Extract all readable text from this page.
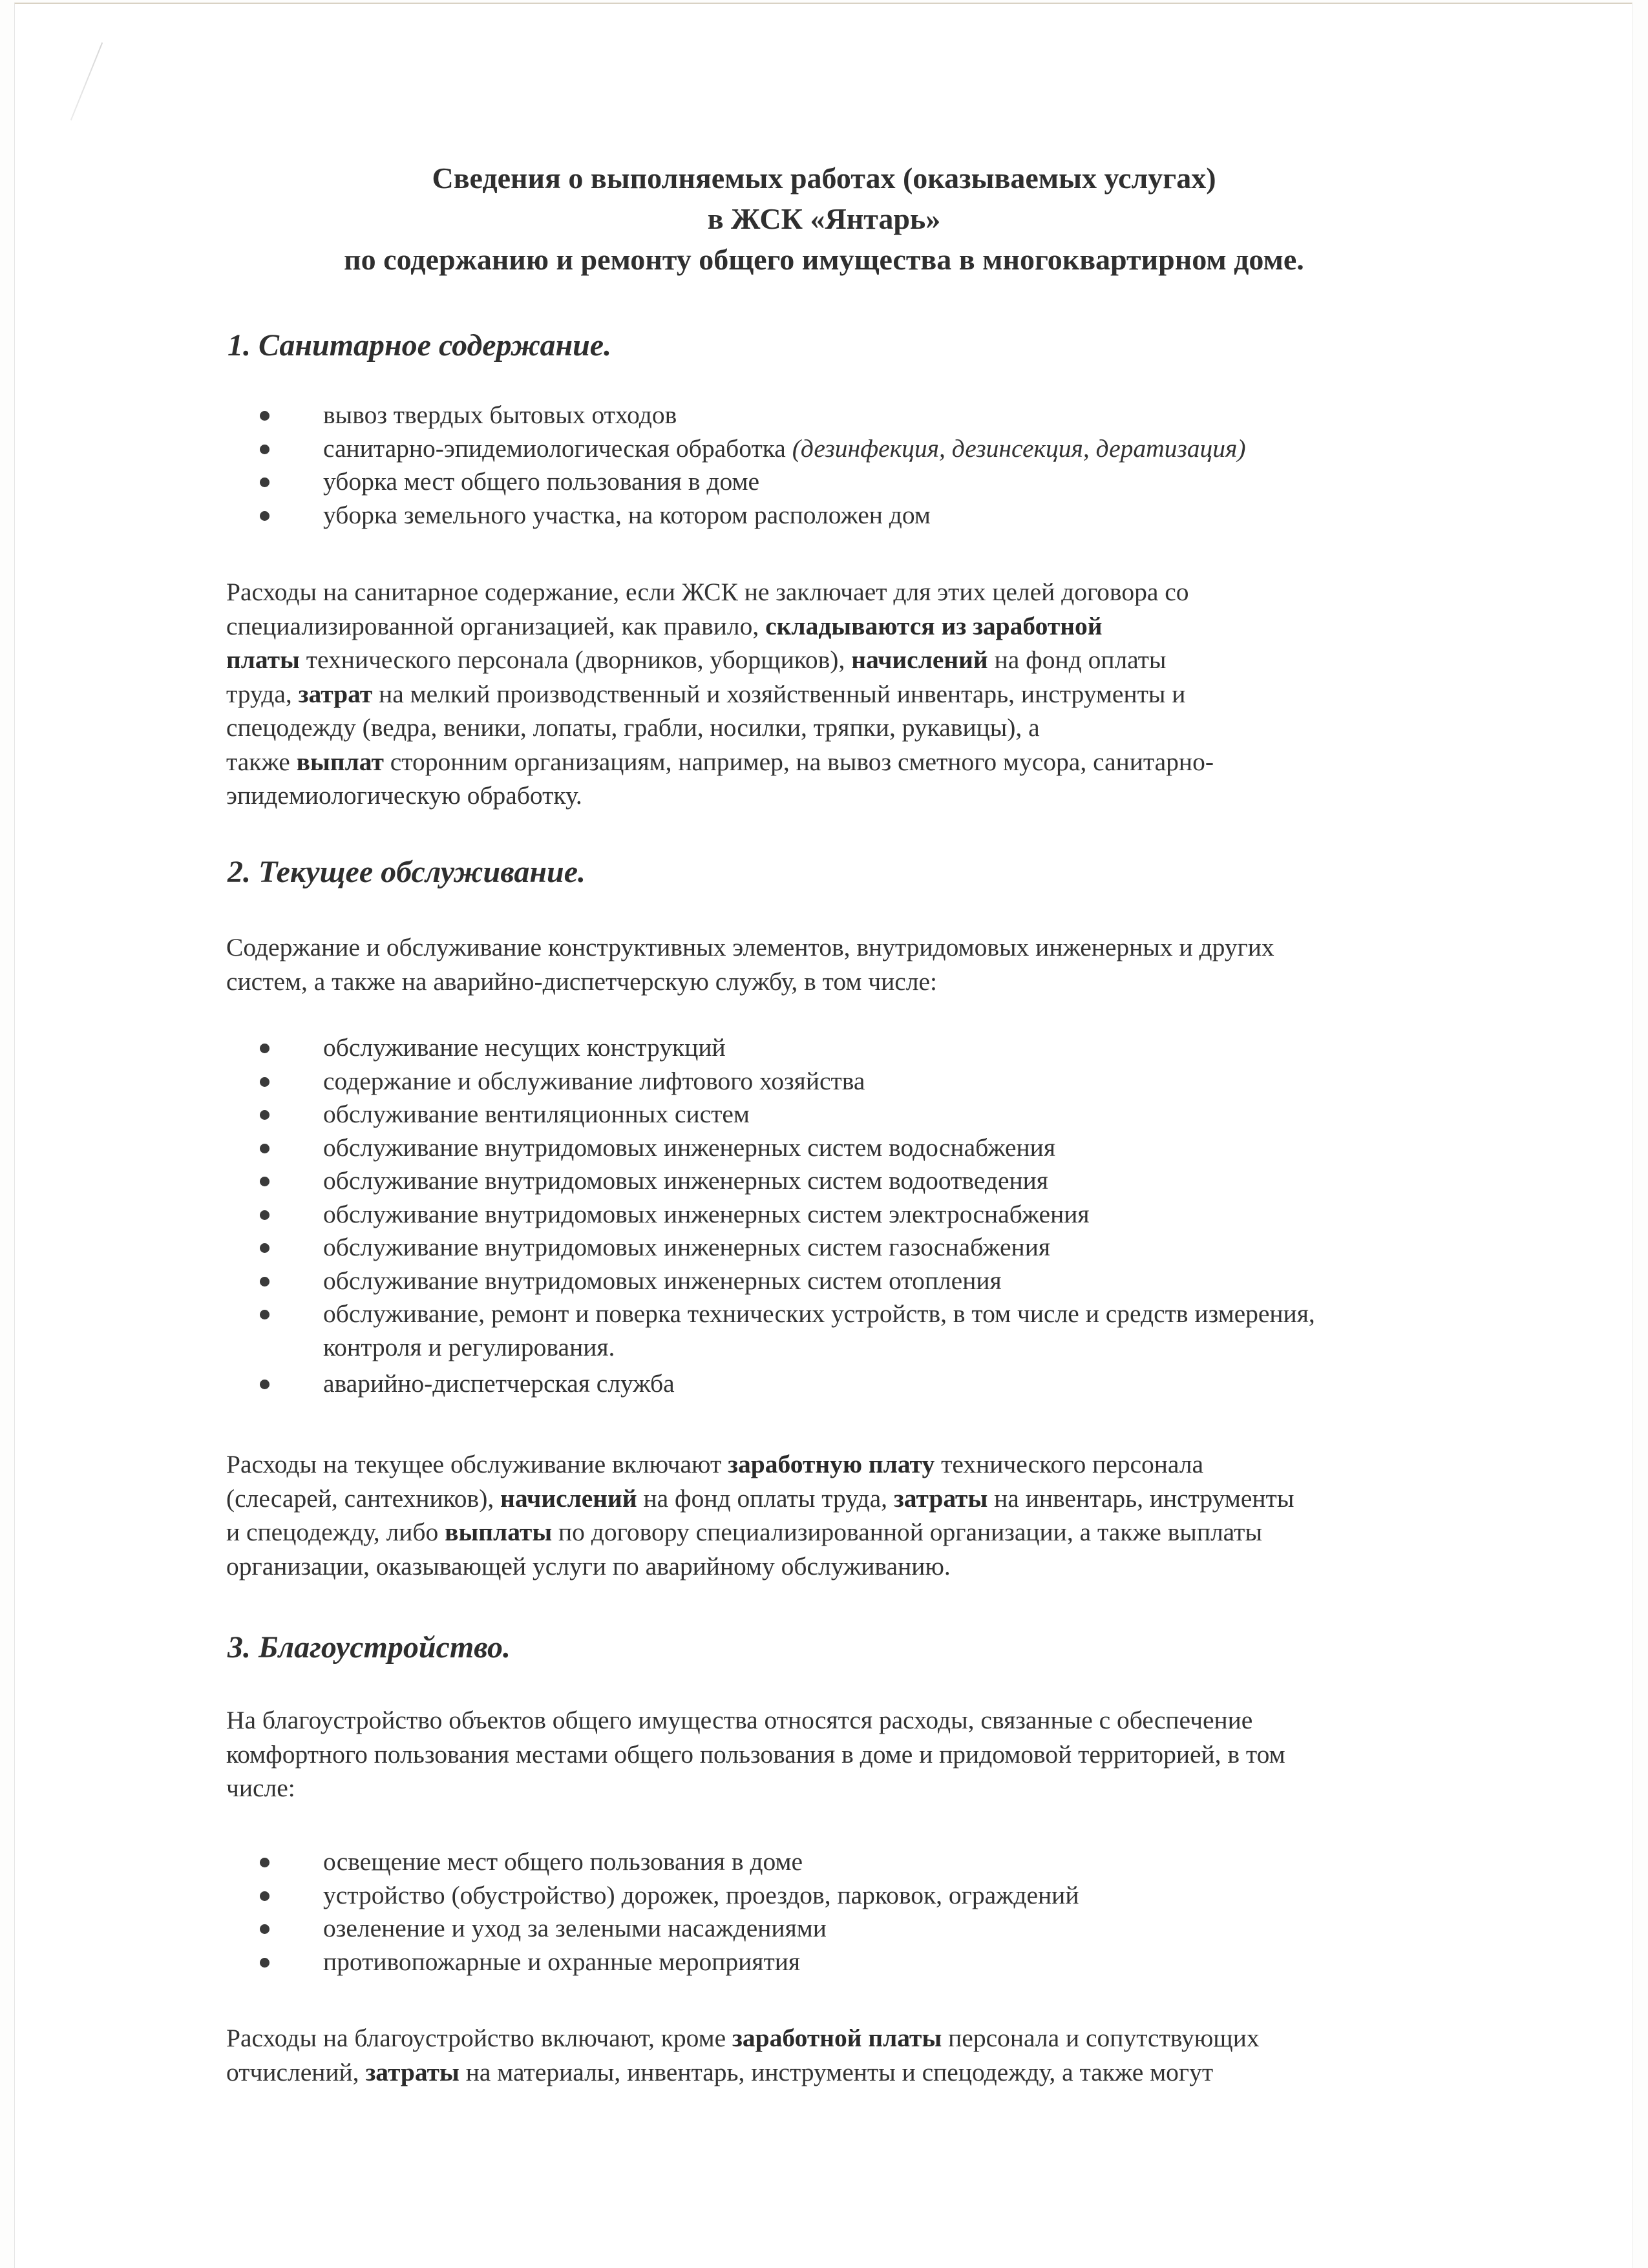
Сведения о выполняемых работах (оказываемых услугах)
в ЖСК «Янтарь»
по содержанию и ремонту общего имущества в многоквартирном доме.
1. Санитарное содержание.
вывоз твердых бытовых отходов
санитарно-эпидемиологическая обработка (дезинфекция, дезинсекция, дератизация)
уборка мест общего пользования в доме
уборка земельного участка, на котором расположен дом
Расходы на санитарное содержание, если ЖСК не заключает для этих целей договора со
специализированной организацией, как правило, складываются из заработной
платы технического персонала (дворников, уборщиков), начислений на фонд оплаты
труда, затрат на мелкий производственный и хозяйственный инвентарь, инструменты и
спецодежду (ведра, веники, лопаты, грабли, носилки, тряпки, рукавицы), а
также выплат сторонним организациям, например, на вывоз сметного мусора, санитарно-
эпидемиологическую обработку.
2. Текущее обслуживание.
Содержание и обслуживание конструктивных элементов, внутридомовых инженерных и других
систем, а также на аварийно-диспетчерскую службу, в том числе:
обслуживание несущих конструкций
содержание и обслуживание лифтового хозяйства
обслуживание вентиляционных систем
обслуживание внутридомовых инженерных систем водоснабжения
обслуживание внутридомовых инженерных систем водоотведения
обслуживание внутридомовых инженерных систем электроснабжения
обслуживание внутридомовых инженерных систем газоснабжения
обслуживание внутридомовых инженерных систем отопления
обслуживание, ремонт и поверка технических устройств, в том числе и средств измерения,
контроля и регулирования.
аварийно-диспетчерская служба
Расходы на текущее обслуживание включают заработную плату технического персонала
(слесарей, сантехников), начислений на фонд оплаты труда, затраты на инвентарь, инструменты
и спецодежду, либо выплаты по договору специализированной организации, а также выплаты
организации, оказывающей услуги по аварийному обслуживанию.
3. Благоустройство.
На благоустройство объектов общего имущества относятся расходы, связанные с обеспечение
комфортного пользования местами общего пользования в доме и придомовой территорией, в том
числе:
освещение мест общего пользования в доме
устройство (обустройство) дорожек, проездов, парковок, ограждений
озеленение и уход за зелеными насаждениями
противопожарные и охранные мероприятия
Расходы на благоустройство включают, кроме заработной платы персонала и сопутствующих
отчислений, затраты на материалы, инвентарь, инструменты и спецодежду, а также могут
